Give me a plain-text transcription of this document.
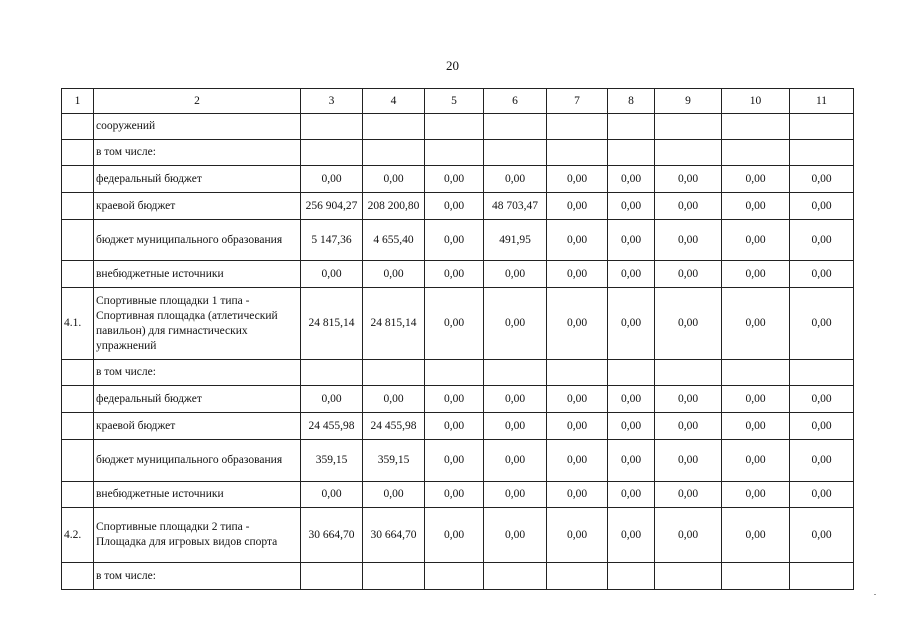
20
1	2	3	4	5	6	7	8	9	10	11
	сооружений									
	в том числе:									
	федеральный бюджет	0,00	0,00	0,00	0,00	0,00	0,00	0,00	0,00	0,00
	краевой бюджет	256 904,27	208 200,80	0,00	48 703,47	0,00	0,00	0,00	0,00	0,00
	бюджет муниципального образования	5 147,36	4 655,40	0,00	491,95	0,00	0,00	0,00	0,00	0,00
	внебюджетные источники	0,00	0,00	0,00	0,00	0,00	0,00	0,00	0,00	0,00
4.1.	Спортивные площадки 1 типа - Спортивная площадка (атлетический павильон) для гимнастических упражнений	24 815,14	24 815,14	0,00	0,00	0,00	0,00	0,00	0,00	0,00
	в том числе:									
	федеральный бюджет	0,00	0,00	0,00	0,00	0,00	0,00	0,00	0,00	0,00
	краевой бюджет	24 455,98	24 455,98	0,00	0,00	0,00	0,00	0,00	0,00	0,00
	бюджет муниципального образования	359,15	359,15	0,00	0,00	0,00	0,00	0,00	0,00	0,00
	внебюджетные источники	0,00	0,00	0,00	0,00	0,00	0,00	0,00	0,00	0,00
4.2.	Спортивные площадки 2 типа - Площадка для игровых видов спорта	30 664,70	30 664,70	0,00	0,00	0,00	0,00	0,00	0,00	0,00
	в том числе:									
